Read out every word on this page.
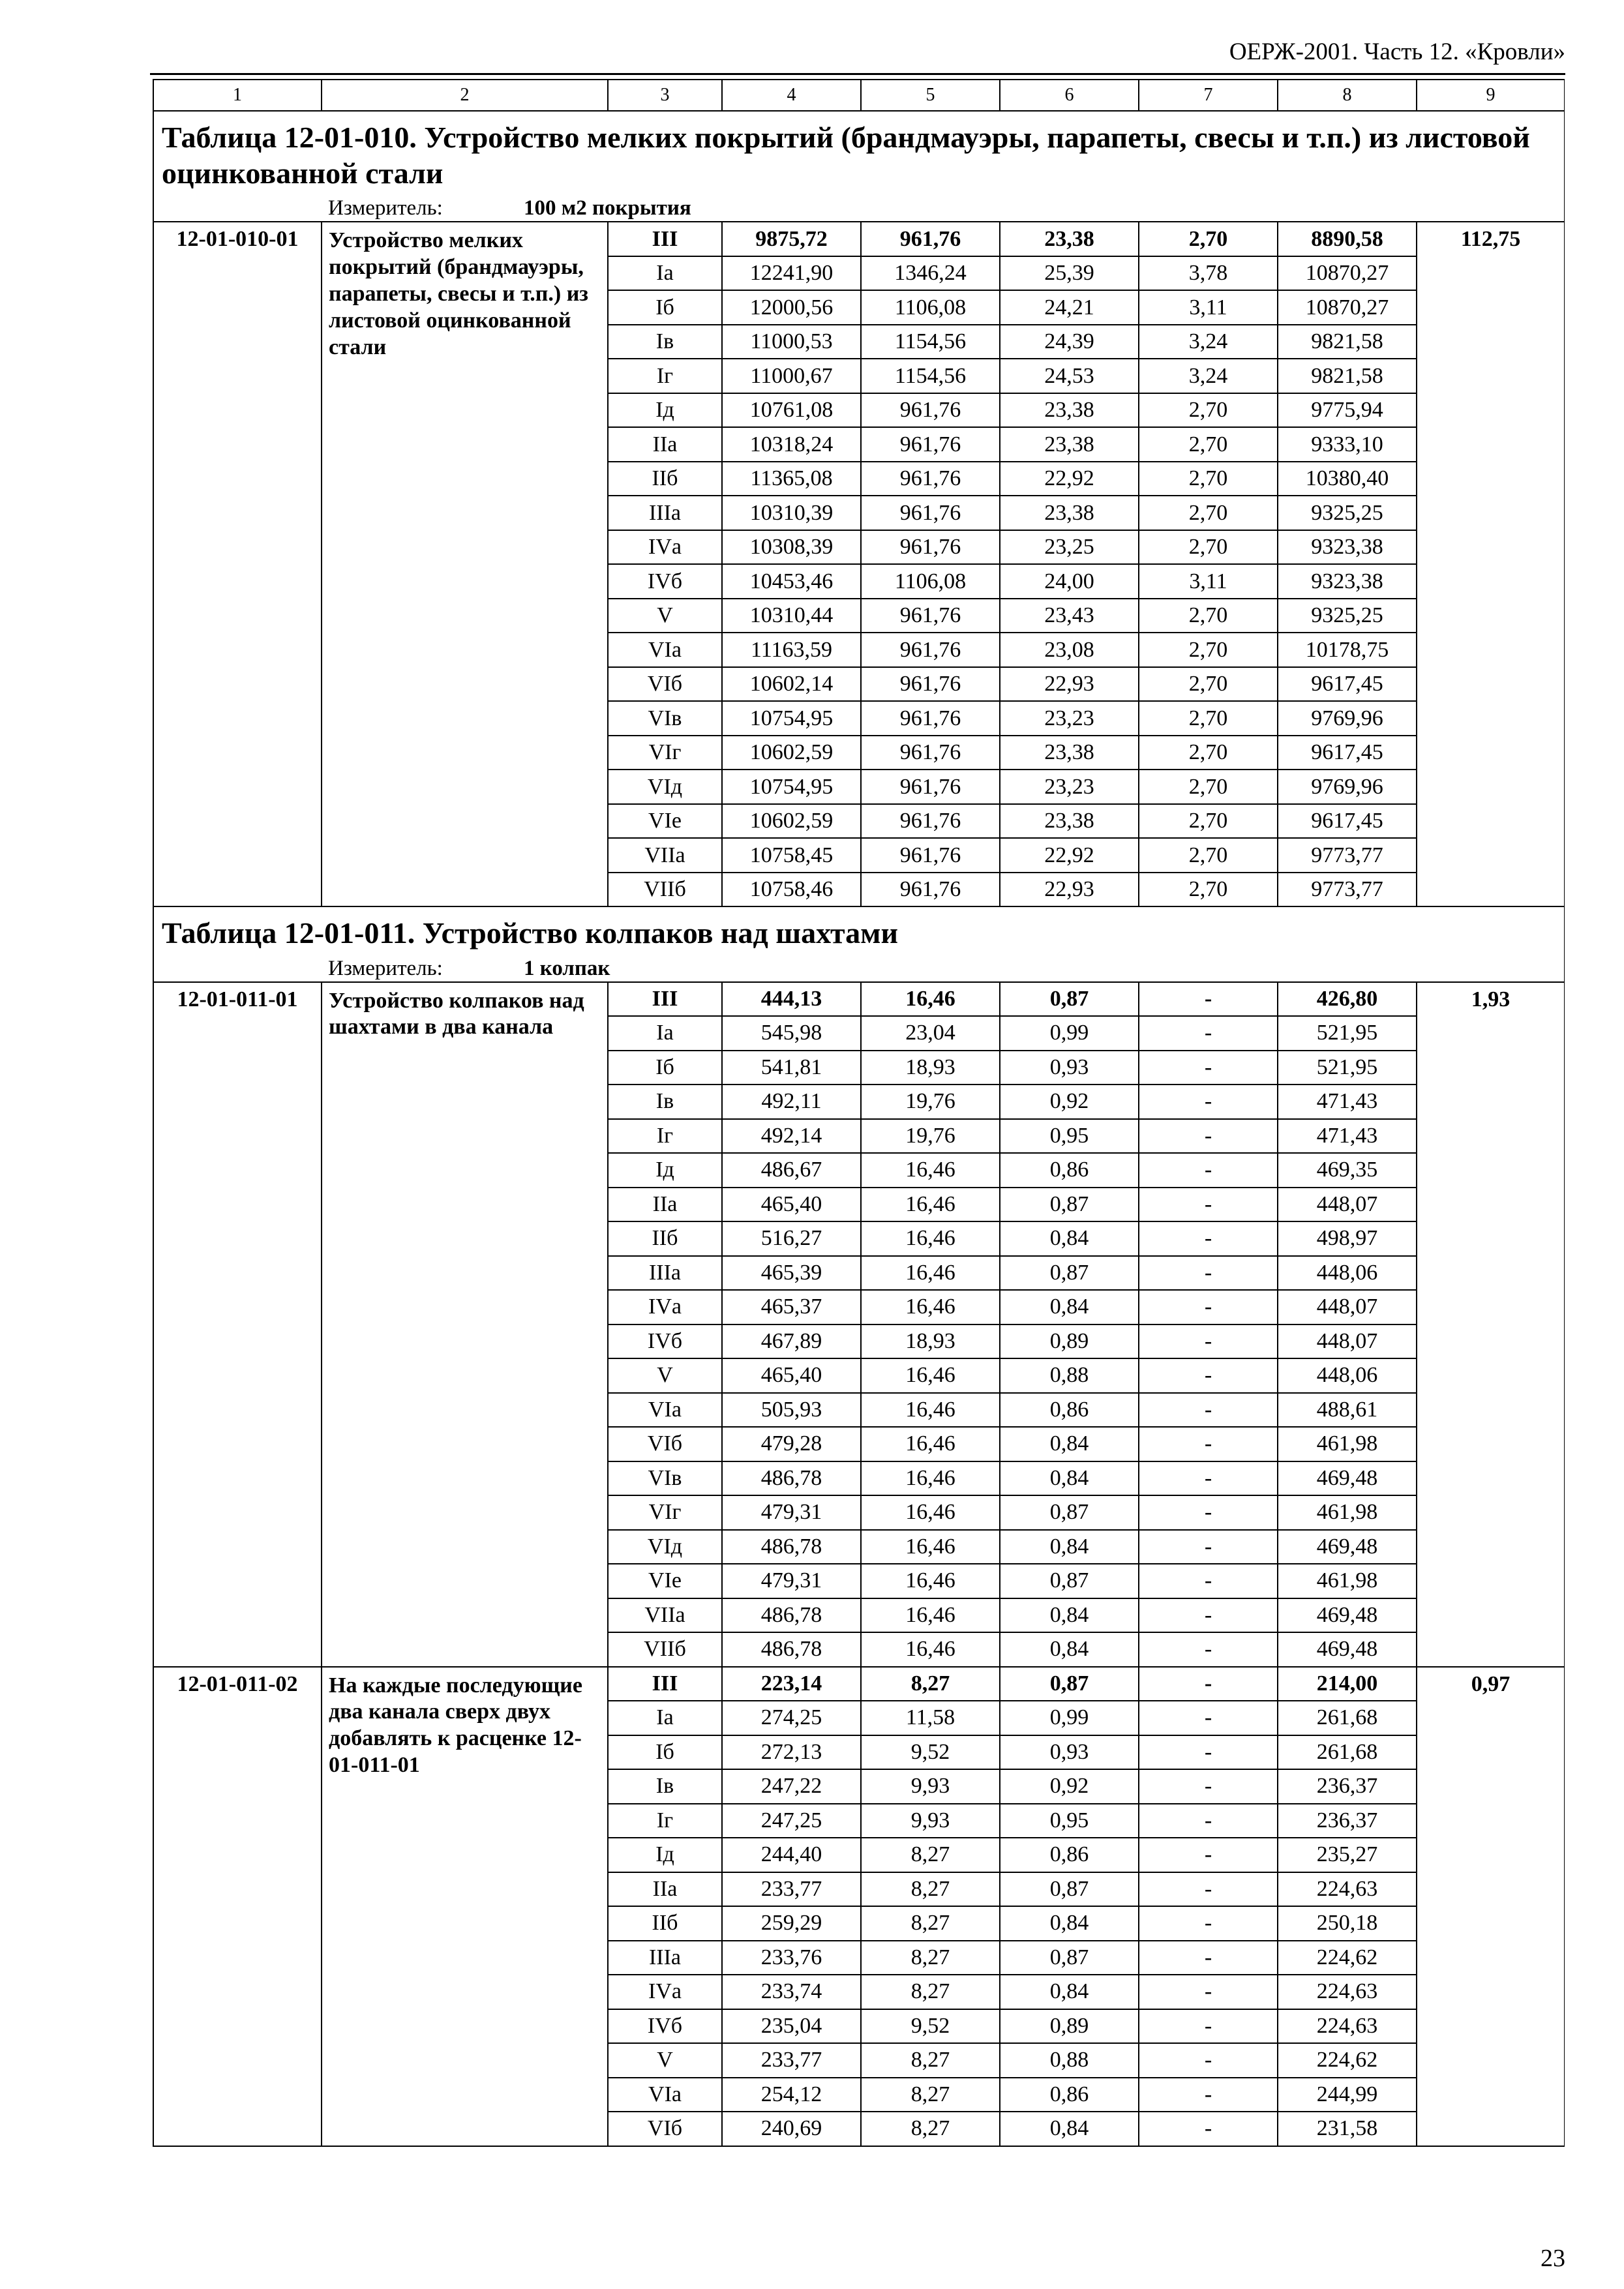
ОЕРЖ-2001. Часть 12. «Кровли»
1	2	3	4	5	6	7	8	9

Таблица 12-01-010. Устройство мелких покрытий (брандмауэры, парапеты, свесы и т.п.) из листовой оцинкованной стали
Измеритель: 100 м2 покрытия								

12-01-010-01	Устройство мелких покрытий (брандмауэры, парапеты, свесы и т.п.) из листовой оцинкованной стали	III	9875,72	961,76	23,38	2,70	8890,58	112,75
		Iа	12241,90	1346,24	25,39	3,78	10870,27	
		Iб	12000,56	1106,08	24,21	3,11	10870,27	
		Iв	11000,53	1154,56	24,39	3,24	9821,58	
		Iг	11000,67	1154,56	24,53	3,24	9821,58	
		Iд	10761,08	961,76	23,38	2,70	9775,94	
		IIа	10318,24	961,76	23,38	2,70	9333,10	
		IIб	11365,08	961,76	22,92	2,70	10380,40	
		IIIа	10310,39	961,76	23,38	2,70	9325,25	
		IVа	10308,39	961,76	23,25	2,70	9323,38	
		IVб	10453,46	1106,08	24,00	3,11	9323,38	
		V	10310,44	961,76	23,43	2,70	9325,25	
		VIа	11163,59	961,76	23,08	2,70	10178,75	
		VIб	10602,14	961,76	22,93	2,70	9617,45	
		VIв	10754,95	961,76	23,23	2,70	9769,96	
		VIг	10602,59	961,76	23,38	2,70	9617,45	
		VIд	10754,95	961,76	23,23	2,70	9769,96	
		VIе	10602,59	961,76	23,38	2,70	9617,45	
		VIIа	10758,45	961,76	22,92	2,70	9773,77	
		VIIб	10758,46	961,76	22,93	2,70	9773,77	

Таблица 12-01-011. Устройство колпаков над шахтами
Измеритель: 1 колпак								

12-01-011-01	Устройство колпаков над шахтами в два канала	III	444,13	16,46	0,87	-	426,80	1,93
		Iа	545,98	23,04	0,99	-	521,95	
		Iб	541,81	18,93	0,93	-	521,95	
		Iв	492,11	19,76	0,92	-	471,43	
		Iг	492,14	19,76	0,95	-	471,43	
		Iд	486,67	16,46	0,86	-	469,35	
		IIа	465,40	16,46	0,87	-	448,07	
		IIб	516,27	16,46	0,84	-	498,97	
		IIIа	465,39	16,46	0,87	-	448,06	
		IVа	465,37	16,46	0,84	-	448,07	
		IVб	467,89	18,93	0,89	-	448,07	
		V	465,40	16,46	0,88	-	448,06	
		VIа	505,93	16,46	0,86	-	488,61	
		VIб	479,28	16,46	0,84	-	461,98	
		VIв	486,78	16,46	0,84	-	469,48	
		VIг	479,31	16,46	0,87	-	461,98	
		VIд	486,78	16,46	0,84	-	469,48	
		VIе	479,31	16,46	0,87	-	461,98	
		VIIа	486,78	16,46	0,84	-	469,48	
		VIIб	486,78	16,46	0,84	-	469,48	
12-01-011-02	На каждые последующие два канала сверх двух добавлять к расценке 12-01-011-01	III	223,14	8,27	0,87	-	214,00	0,97
		Iа	274,25	11,58	0,99	-	261,68	
		Iб	272,13	9,52	0,93	-	261,68	
		Iв	247,22	9,93	0,92	-	236,37	
		Iг	247,25	9,93	0,95	-	236,37	
		Iд	244,40	8,27	0,86	-	235,27	
		IIа	233,77	8,27	0,87	-	224,63	
		IIб	259,29	8,27	0,84	-	250,18	
		IIIа	233,76	8,27	0,87	-	224,62	
		IVа	233,74	8,27	0,84	-	224,63	
		IVб	235,04	9,52	0,89	-	224,63	
		V	233,77	8,27	0,88	-	224,62	
		VIа	254,12	8,27	0,86	-	244,99	
		VIб	240,69	8,27	0,84	-	231,58	
23
